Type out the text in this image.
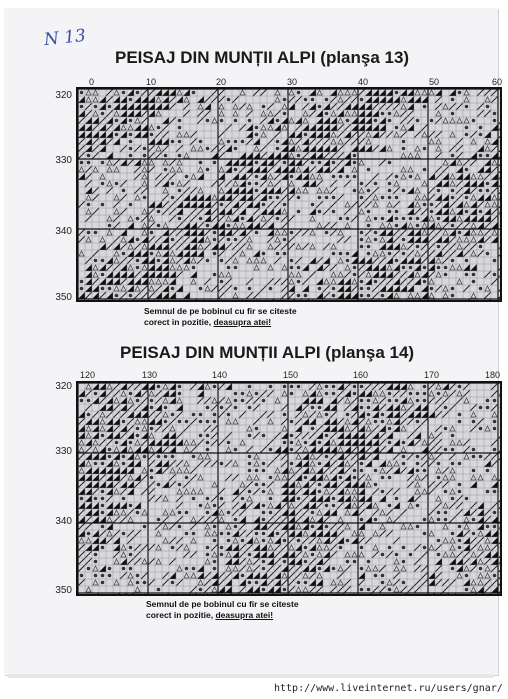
N 13
PEISAJ DIN MUNȚII ALPI (planşa 13)
0	10	20	30	40	50	60
320
330
340
350
Semnul de pe bobinul cu fir se citeste
corect in pozitie, deasupra atei!
PEISAJ DIN MUNȚII ALPI (planşa 14)
120	130	140	150	160	170	180
320
330
340
350
Semnul de pe bobinul cu fir se citeste
corect in pozitie, deasupra atei!
http://www.liveinternet.ru/users/gnar/
